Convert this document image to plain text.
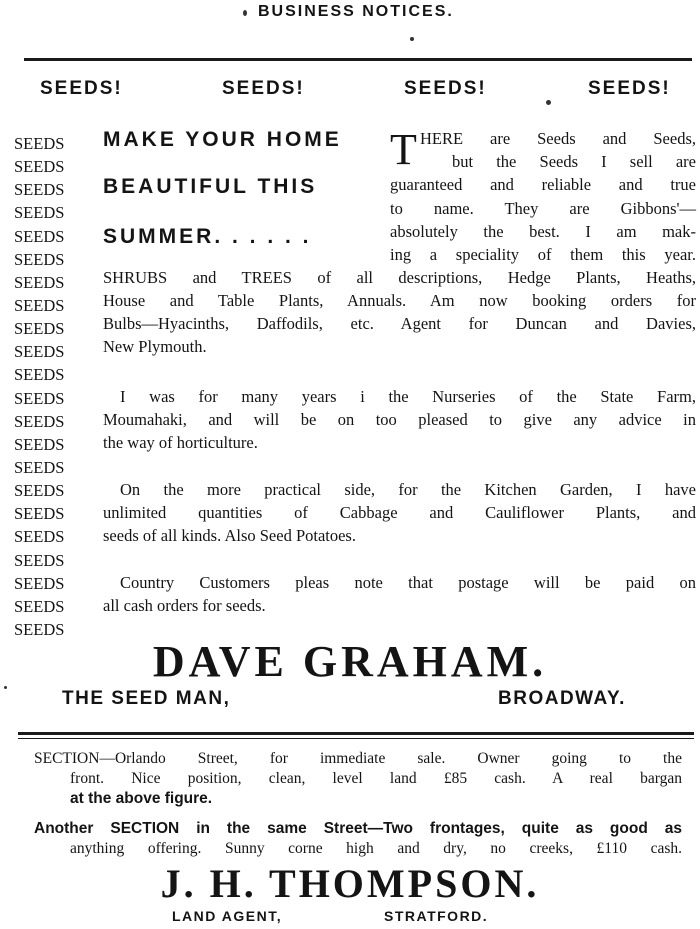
BUSINESS NOTICES.
SEEDS!	SEEDS!	SEEDS!	SEEDS!
SEEDS
SEEDS
SEEDS
SEEDS
SEEDS
SEEDS
SEEDS
SEEDS
SEEDS
SEEDS
SEEDS
SEEDS
SEEDS
SEEDS
SEEDS
SEEDS
SEEDS
SEEDS
SEEDS
SEEDS
SEEDS
SEEDS
MAKE YOUR HOME
BEAUTIFUL THIS
SUMMER. . . . . .
T HERE are Seeds and Seeds,
but the Seeds I sell are
guaranteed and reliable and true
to name. They are Gibbons'—
absolutely the best. I am mak-
ing a speciality of them this year.
SHRUBS and TREES of all descriptions, Hedge Plants, Heaths,
House and Table Plants, Annuals. Am now booking orders for
Bulbs—Hyacinths, Daffodils, etc. Agent for Duncan and Davies,
New Plymouth.
I was for many years i the Nurseries of the State Farm,
Moumahaki, and will be on too pleased to give any advice in
the way of horticulture.
On the more practical side, for the Kitchen Garden, I have
unlimited quantities of Cabbage and Cauliflower Plants, and
seeds of all kinds. Also Seed Potatoes.
Country Customers pleas note that postage will be paid on
all cash orders for seeds.
DAVE GRAHAM.
THE SEED MAN,	BROADWAY.
SECTION—Orlando Street, for immediate sale. Owner going to the
front. Nice position, clean, level land £85 cash. A real bargan
at the above figure.
Another SECTION in the same Street—Two frontages, quite as good as
anything offering. Sunny corne high and dry, no creeks, £110 cash.
J. H. THOMPSON.
LAND AGENT,	STRATFORD.
